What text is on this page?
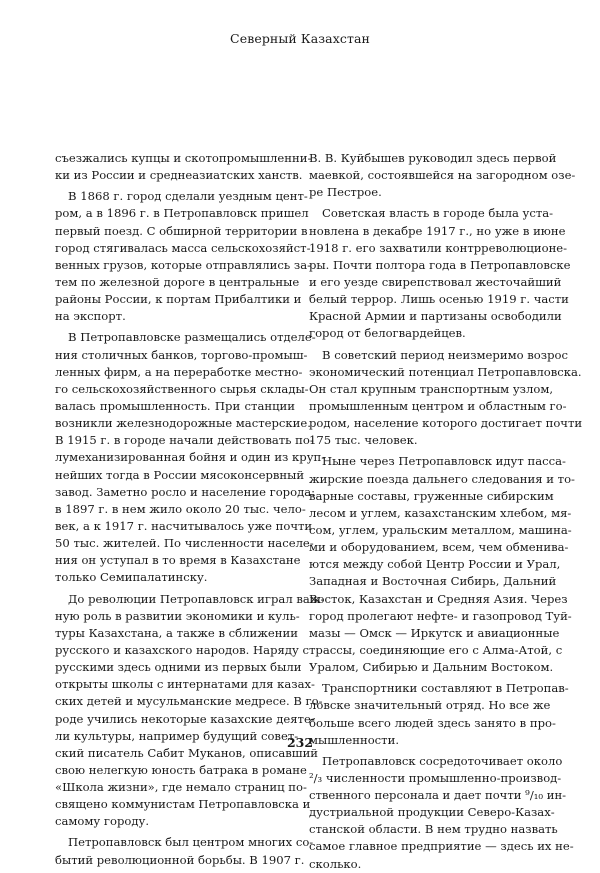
Северный Казахстан
съезжались купцы и скотопромышленни-
ки из России и среднеазиатских ханств.
В 1868 г. город сделали уездным цент-
ром, а в 1896 г. в Петропавловск пришел
первый поезд. С обширной территории в
город стягивалась масса сельскохозяйст-
венных грузов, которые отправлялись за-
тем по железной дороге в центральные
районы России, к портам Прибалтики и
на экспорт.
В Петропавловске размещались отделе-
ния столичных банков, торгово-промыш-
ленных фирм, а на переработке местно-
го сельскохозяйственного сырья склады-
валась промышленность. При станции
возникли железнодорожные мастерские.
В 1915 г. в городе начали действовать по-
лумеханизированная бойня и один из круп-
нейших тогда в России мясоконсервный
завод. Заметно росло и население города:
в 1897 г. в нем жило около 20 тыс. чело-
век, а к 1917 г. насчитывалось уже почти
50 тыс. жителей. По численности населе-
ния он уступал в то время в Казахстане
только Семипалатинску.
До революции Петропавловск играл важ-
ную роль в развитии экономики и куль-
туры Казахстана, а также в сближении
русского и казахского народов. Наряду с
русскими здесь одними из первых были
открыты школы с интернатами для казах-
ских детей и мусульманские медресе. В го-
роде учились некоторые казахские деяте-
ли культуры, например будущий совет-
ский писатель Сабит Муканов, описавший
свою нелегкую юность батрака в романе
«Школа жизни», где немало страниц по-
священо коммунистам Петропавловска и
самому городу.
Петропавловск был центром многих со-
бытий революционной борьбы. В 1907 г.
В. В. Куйбышев руководил здесь первой
маевкой, состоявшейся на загородном озе-
ре Пестрое.
Советская власть в городе была уста-
новлена в декабре 1917 г., но уже в июне
1918 г. его захватили контрреволюционе-
ры. Почти полтора года в Петропавловске
и его уезде свирепствовал жесточайший
белый террор. Лишь осенью 1919 г. части
Красной Армии и партизаны освободили
город от белогвардейцев.
В советский период неизмеримо возрос
экономический потенциал Петропавловска.
Он стал крупным транспортным узлом,
промышленным центром и областным го-
родом, население которого достигает почти
175 тыс. человек.
Ныне через Петропавловск идут пасса-
жирские поезда дальнего следования и то-
варные составы, груженные сибирским
лесом и углем, казахстанским хлебом, мя-
сом, углем, уральским металлом, машина-
ми и оборудованием, всем, чем обменива-
ются между собой Центр России и Урал,
Западная и Восточная Сибирь, Дальний
Восток, Казахстан и Средняя Азия. Через
город пролегают нефте- и газопровод Туй-
мазы — Омск — Иркутск и авиационные
трассы, соединяющие его с Алма-Атой, с
Уралом, Сибирью и Дальним Востоком.
Транспортники составляют в Петропав-
ловске значительный отряд. Но все же
больше всего людей здесь занято в про-
мышленности.
Петропавловск сосредоточивает около
²/₃ численности промышленно-производ-
ственного персонала и дает почти ⁹/₁₀ ин-
дустриальной продукции Северо-Казах-
станской области. В нем трудно назвать
самое главное предприятие — здесь их не-
сколько.
232
